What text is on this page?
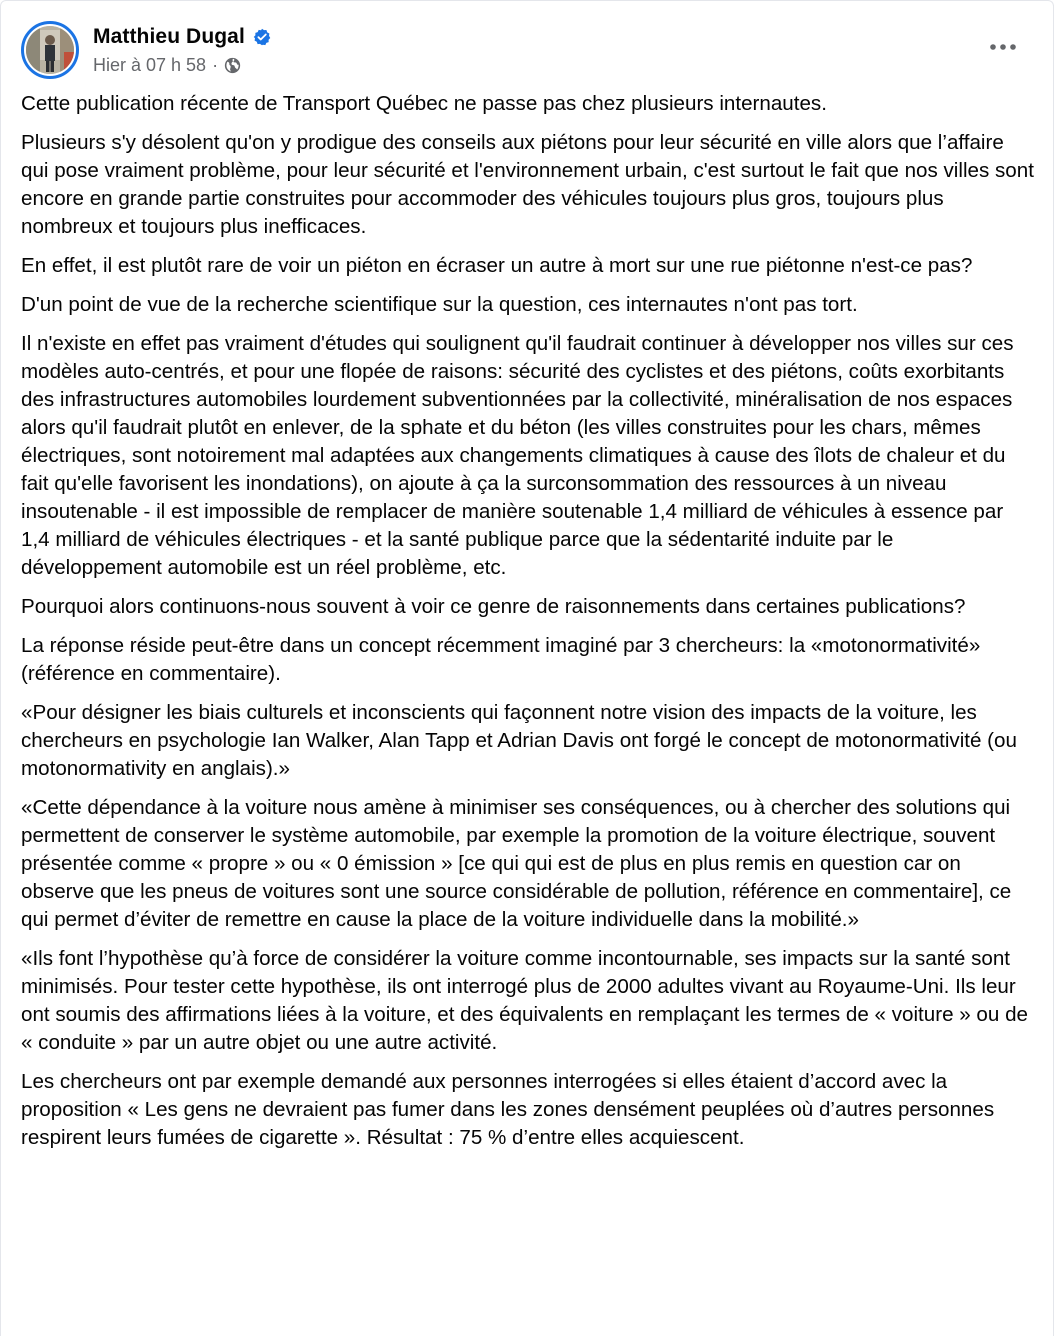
Matthieu Dugal
Hier à 07 h 58 ·

Cette publication récente de Transport Québec ne passe pas chez plusieurs internautes.

Plusieurs s'y désolent qu'on y prodigue des conseils aux piétons pour leur sécurité en ville alors que l’affaire qui pose vraiment problème, pour leur sécurité et l'environnement urbain, c'est surtout le fait que nos villes sont encore en grande partie construites pour accommoder des véhicules toujours plus gros, toujours plus nombreux et toujours plus inefficaces.

En effet, il est plutôt rare de voir un piéton en écraser un autre à mort sur une rue piétonne n'est-ce pas?

D'un point de vue de la recherche scientifique sur la question, ces internautes n'ont pas tort.

Il n'existe en effet pas vraiment d'études qui soulignent qu'il faudrait continuer à développer nos villes sur ces modèles auto-centrés, et pour une flopée de raisons: sécurité des cyclistes et des piétons, coûts exorbitants des infrastructures automobiles lourdement subventionnées par la collectivité, minéralisation de nos espaces alors qu'il faudrait plutôt en enlever, de la sphate et du béton (les villes construites pour les chars, mêmes électriques, sont notoirement mal adaptées aux changements climatiques à cause des îlots de chaleur et du fait qu'elle favorisent les inondations), on ajoute à ça la surconsommation des ressources à un niveau insoutenable - il est impossible de remplacer de manière soutenable 1,4 milliard de véhicules à essence par 1,4 milliard de véhicules électriques - et la santé publique parce que la sédentarité induite par le développement automobile est un réel problème, etc.

Pourquoi alors continuons-nous souvent à voir ce genre de raisonnements dans certaines publications?

La réponse réside peut-être dans un concept récemment imaginé par 3 chercheurs: la «motonormativité» (référence en commentaire).

«Pour désigner les biais culturels et inconscients qui façonnent notre vision des impacts de la voiture, les chercheurs en psychologie Ian Walker, Alan Tapp et Adrian Davis ont forgé le concept de motonormativité (ou motonormativity en anglais).»

«Cette dépendance à la voiture nous amène à minimiser ses conséquences, ou à chercher des solutions qui permettent de conserver le système automobile, par exemple la promotion de la voiture électrique, souvent présentée comme « propre » ou « 0 émission » [ce qui qui est de plus en plus remis en question car on observe que les pneus de voitures sont une source considérable de pollution, référence en commentaire], ce qui permet d’éviter de remettre en cause la place de la voiture individuelle dans la mobilité.»

«Ils font l’hypothèse qu’à force de considérer la voiture comme incontournable, ses impacts sur la santé sont minimisés. Pour tester cette hypothèse, ils ont interrogé plus de 2000 adultes vivant au Royaume-Uni. Ils leur ont soumis des affirmations liées à la voiture, et des équivalents en remplaçant les termes de « voiture » ou de « conduite » par un autre objet ou une autre activité.

Les chercheurs ont par exemple demandé aux personnes interrogées si elles étaient d’accord avec la proposition « Les gens ne devraient pas fumer dans les zones densément peuplées où d’autres personnes respirent leurs fumées de cigarette ». Résultat : 75 % d’entre elles acquiescent.
